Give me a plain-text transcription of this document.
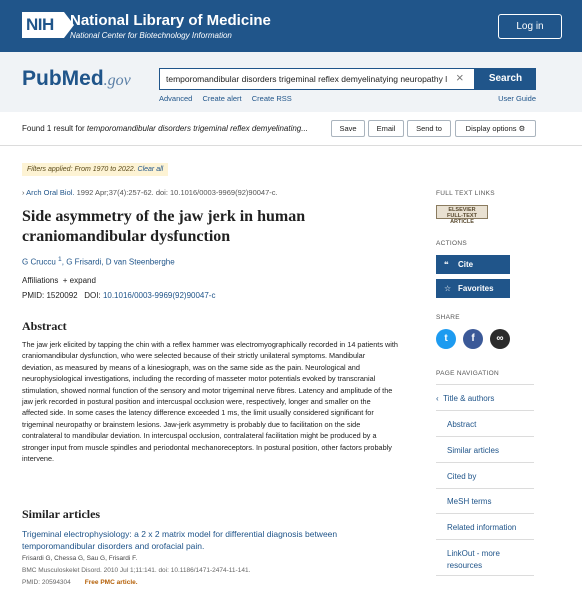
NIH	National Library of Medicine
National Center for Biotechnology Information
Log in
PubMed.gov	temporomandibular disorders trigeminal reflex demyelinatying neuropathy l ×	Search
Advanced Create alert Create RSS	User Guide
Found 1 result for temporomandibular disorders trigeminal reflex demyelinating...	Save	Email	Send to	Display options ⚙
Filters applied: From 1970 to 2022. Clear all
› Arch Oral Biol. 1992 Apr;37(4):257-62. doi: 10.1016/0003-9969(92)90047-c.
Side asymmetry of the jaw jerk in human craniomandibular dysfunction
G Cruccu $^1$, G Frisardi, D van Steenberghe
Affiliations + expand
PMID: 1520092 DOI: 10.1016/0003-9969(92)90047-c
Abstract
The jaw jerk elicited by tapping the chin with a reflex hammer was electromyographically recorded in 14 patients with craniomandibular dysfunction, who were selected because of their strictly unilateral symptoms. Mandibular deviation, as measured by means of a kinesiograph, was on the same side as the pain. Neurological and neurophysiological investigations, including the recording of masseter motor potentials evoked by transcranial stimulation, showed normal function of the sensory and motor trigeminal nerve fibres. Latency and amplitude of the jaw jerk recorded in postural position and intercuspal occlusion were, respectively, longer and smaller on the affected side. In some cases the latency difference exceeded 1 ms, the limit usually considered significant for trigeminal neuropathy or brainstem lesions. Jaw-jerk asymmetry is probably due to facilitation on the side contralateral to mandibular deviation. In intercuspal occlusion, contralateral facilitation might be produced by a stronger input from muscle spindles and periodontal mechanoreceptors. In postural position, other factors probably intervene.
Similar articles
Trigeminal electrophysiology: a 2 x 2 matrix model for differential diagnosis between temporomandibular disorders and orofacial pain.
Frisardi G, Chessa G, Sau G, Frisardi F.
BMC Musculoskelet Disord. 2010 Jul 1;11:141. doi: 10.1186/1471-2474-11-141.
PMID: 20594304 Free PMC article.
FULL TEXT LINKS
ELSEVIER
FULL-TEXT ARTICLE
ACTIONS
❝ Cite
☆ Favorites
SHARE
t	f	∞
PAGE NAVIGATION
‹ Title & authors
Abstract
Similar articles
Cited by
MeSH terms
Related information
LinkOut - more resources
